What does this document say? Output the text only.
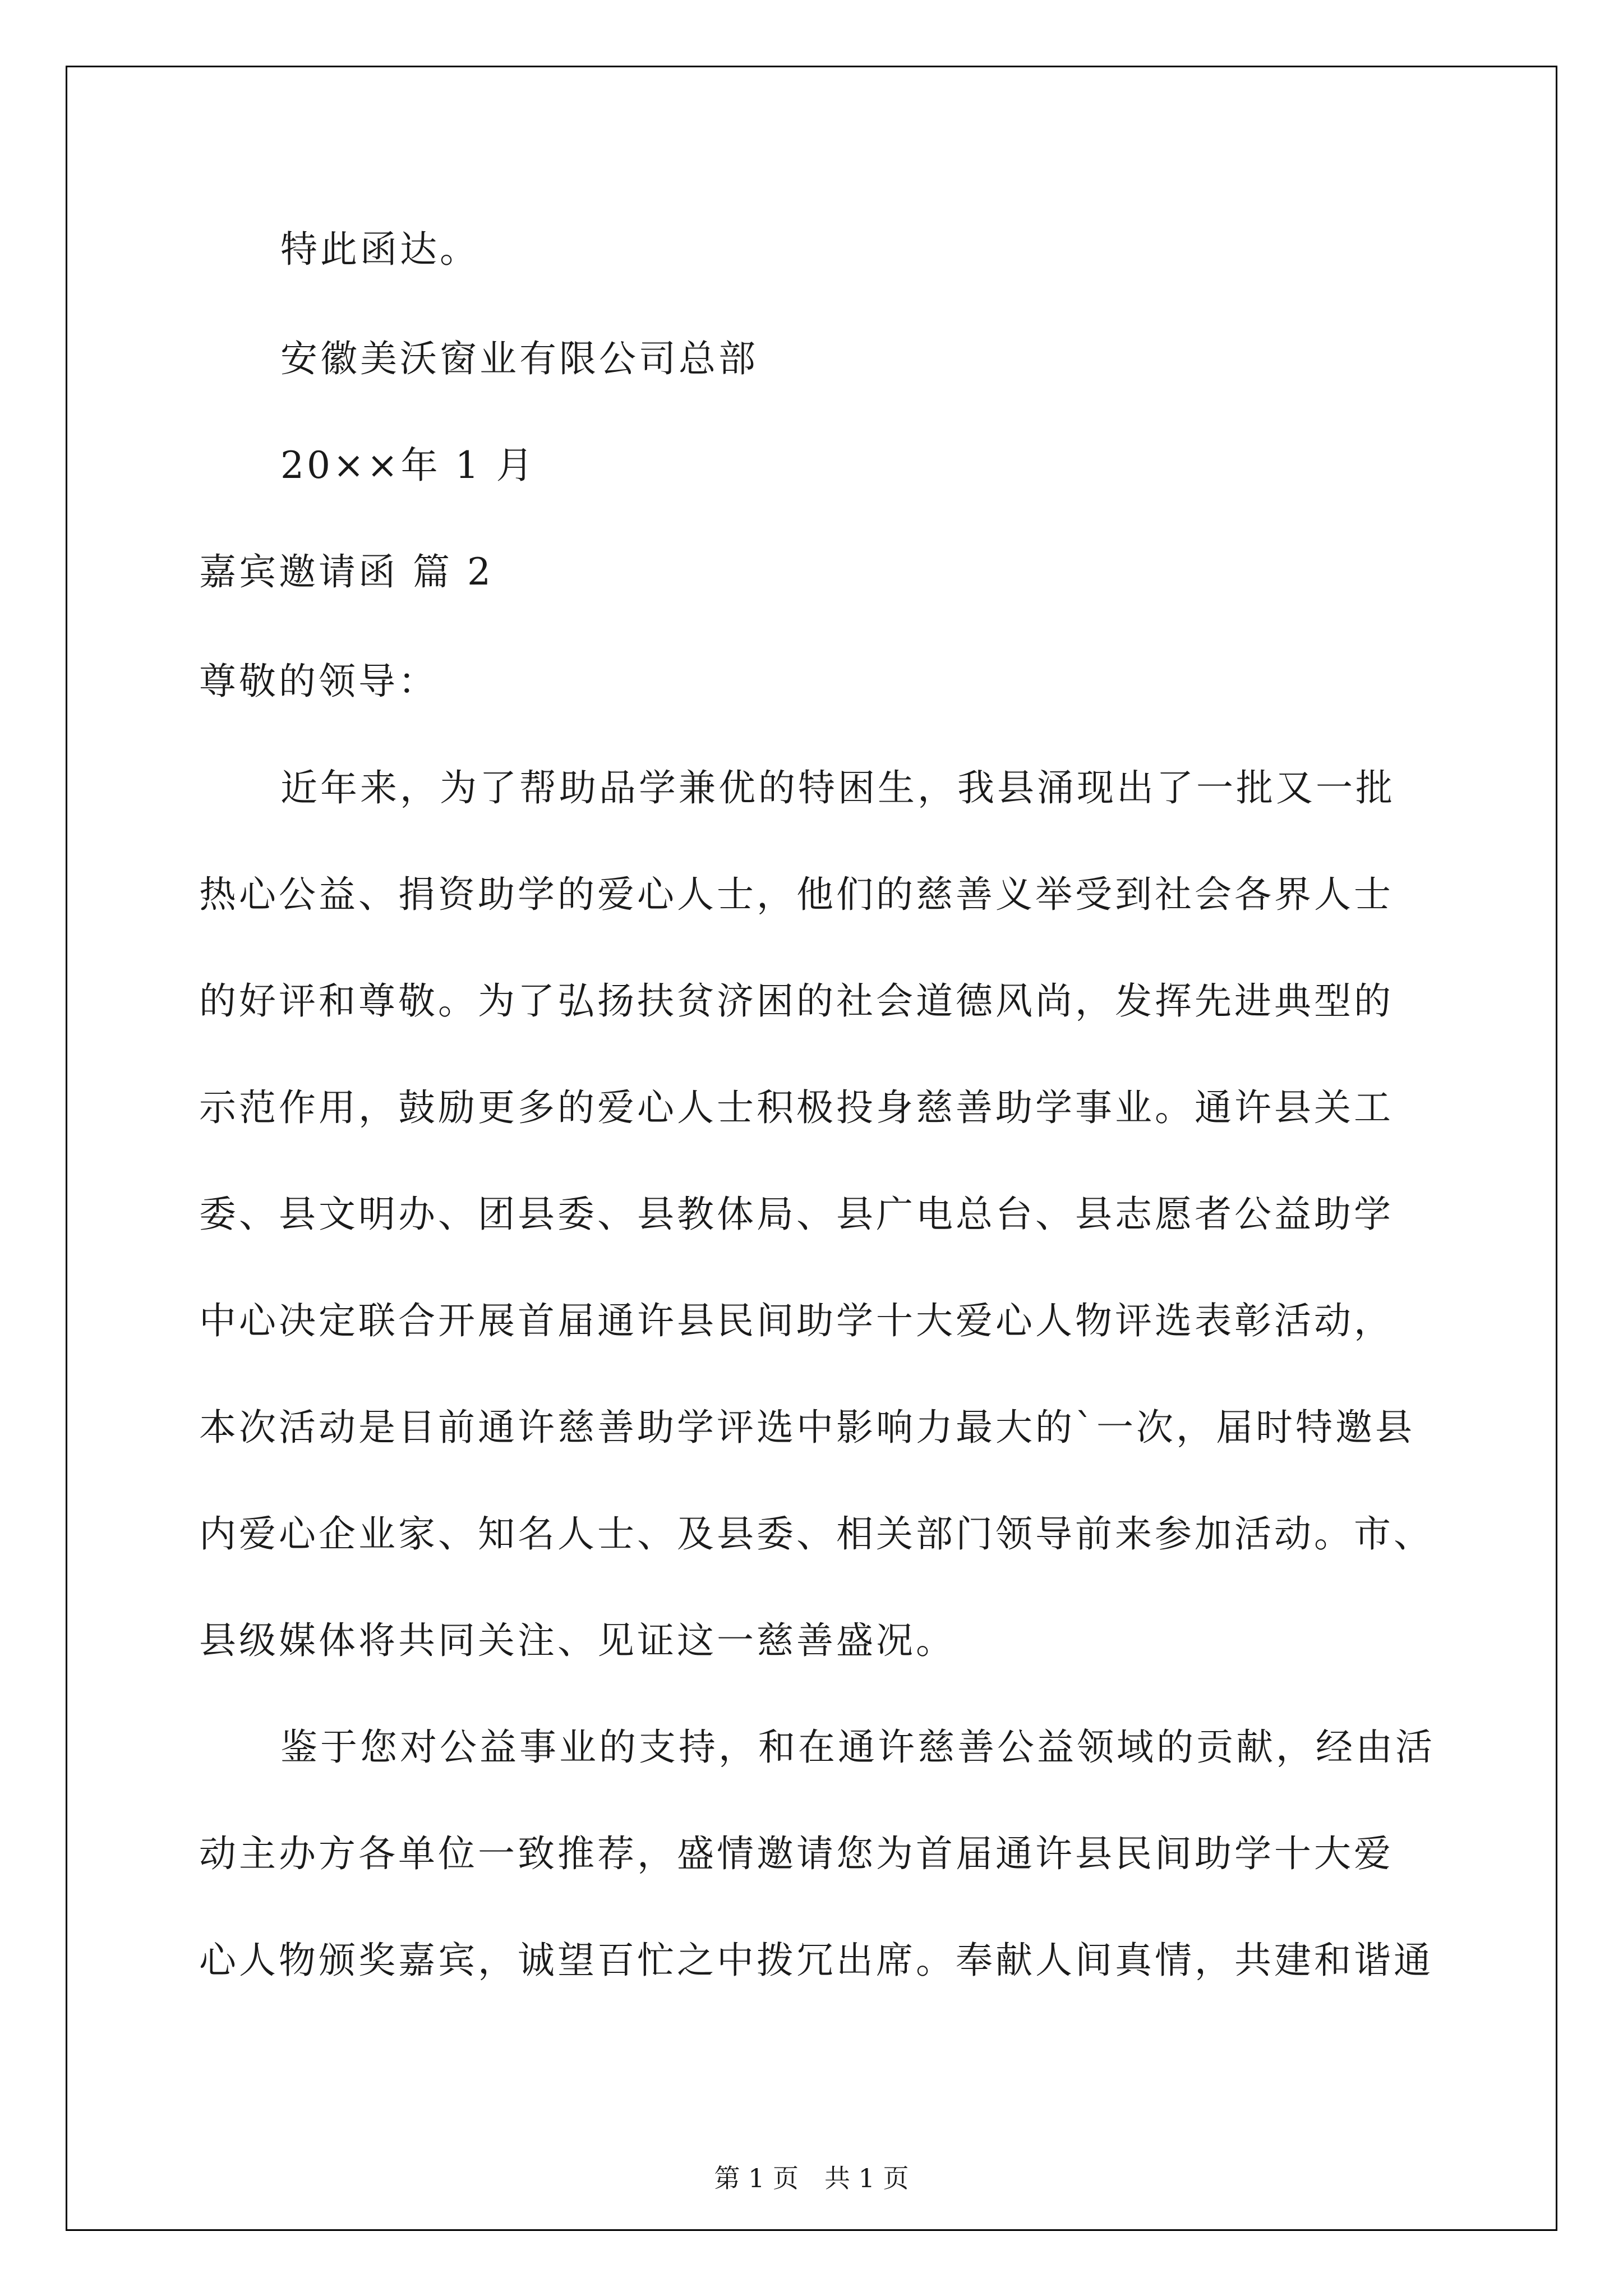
特此函达。
安徽美沃窗业有限公司总部
20××年 1 月
嘉宾邀请函 篇 2
尊敬的领导：
近年来，为了帮助品学兼优的特困生，我县涌现出了一批又一批
热心公益、捐资助学的爱心人士，他们的慈善义举受到社会各界人士
的好评和尊敬。为了弘扬扶贫济困的社会道德风尚，发挥先进典型的
示范作用，鼓励更多的爱心人士积极投身慈善助学事业。通许县关工
委、县文明办、团县委、县教体局、县广电总台、县志愿者公益助学
中心决定联合开展首届通许县民间助学十大爱心人物评选表彰活动，
本次活动是目前通许慈善助学评选中影响力最大的`一次，届时特邀县
内爱心企业家、知名人士、及县委、相关部门领导前来参加活动。市、
县级媒体将共同关注、见证这一慈善盛况。
鉴于您对公益事业的支持，和在通许慈善公益领域的贡献，经由活
动主办方各单位一致推荐，盛情邀请您为首届通许县民间助学十大爱
心人物颁奖嘉宾，诚望百忙之中拨冗出席。奉献人间真情，共建和谐通
第 1 页　共 1 页
